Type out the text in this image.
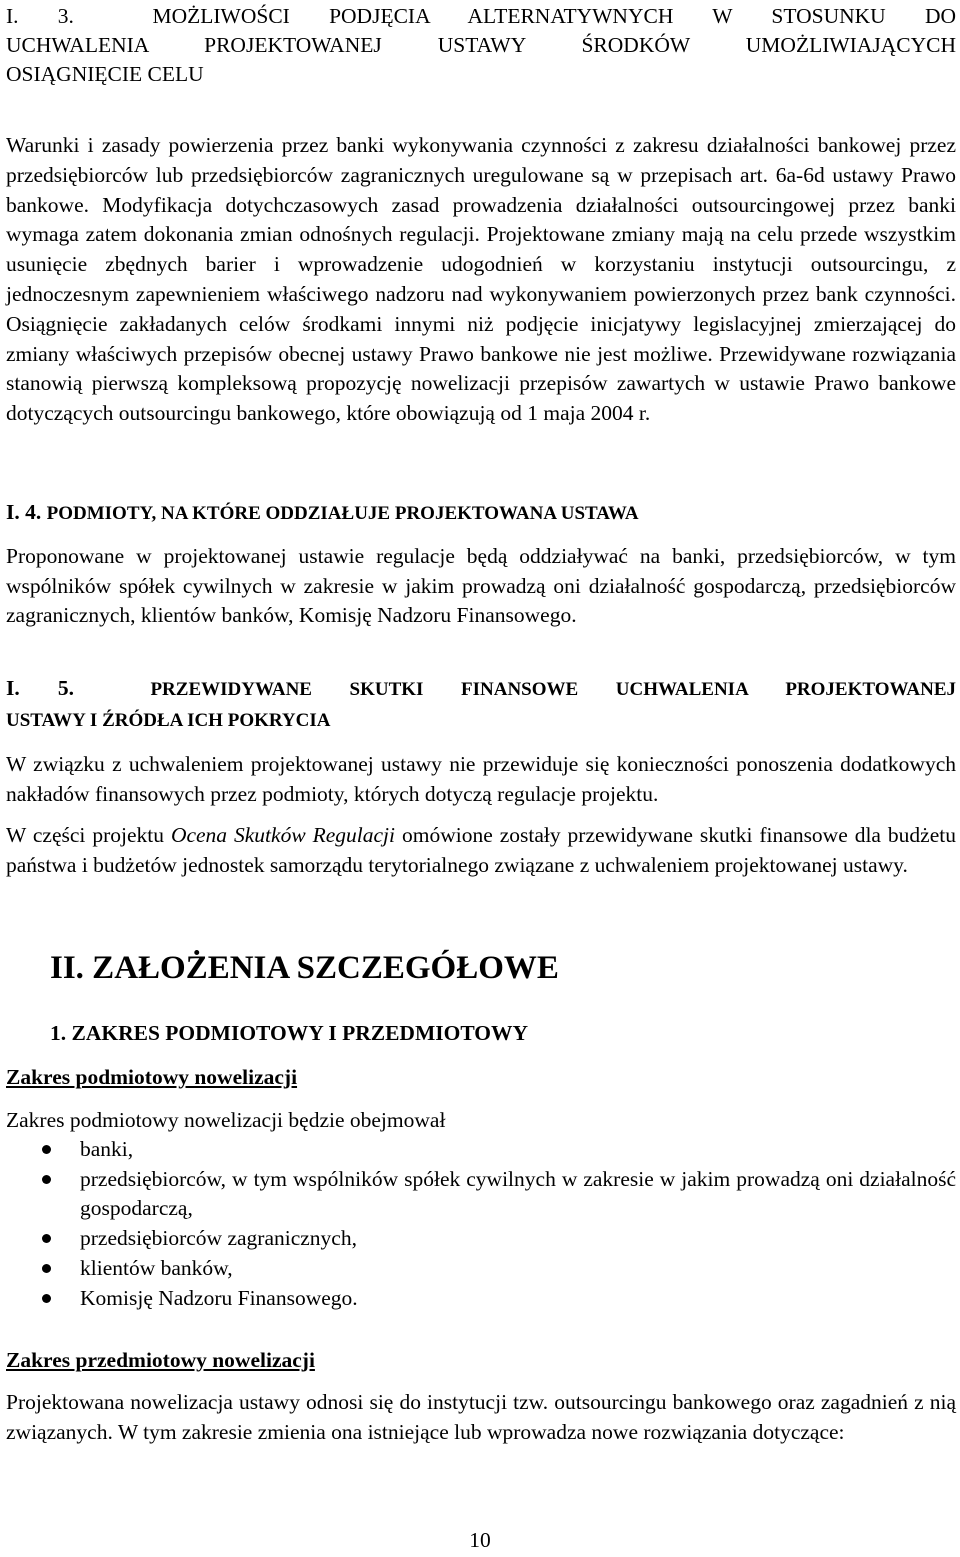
I. 3.	MOŻLIWOŚCI PODJĘCIA ALTERNATYWNYCH W STOSUNKU DO
UCHWALENIA PROJEKTOWANEJ USTAWY ŚRODKÓW UMOŻLIWIAJĄCYCH
OSIĄGNIĘCIE CELU
Warunki i zasady powierzenia przez banki wykonywania czynności z zakresu działalności bankowej przez przedsiębiorców lub przedsiębiorców zagranicznych uregulowane są w przepisach art. 6a-6d ustawy Prawo bankowe. Modyfikacja dotychczasowych zasad prowadzenia działalności outsourcingowej przez banki wymaga zatem dokonania zmian odnośnych regulacji. Projektowane zmiany mają na celu przede wszystkim usunięcie zbędnych barier i wprowadzenie udogodnień w korzystaniu instytucji outsourcingu, z jednoczesnym zapewnieniem właściwego nadzoru nad wykonywaniem powierzonych przez bank czynności. Osiągnięcie zakładanych celów środkami innymi niż podjęcie inicjatywy legislacyjnej zmierzającej do zmiany właściwych przepisów obecnej ustawy Prawo bankowe nie jest możliwe. Przewidywane rozwiązania stanowią pierwszą kompleksową propozycję nowelizacji przepisów zawartych w ustawie Prawo bankowe dotyczących outsourcingu bankowego, które obowiązują od 1 maja 2004 r.
I. 4. PODMIOTY, NA KTÓRE ODDZIAŁUJE PROJEKTOWANA USTAWA
Proponowane w projektowanej ustawie regulacje będą oddziaływać na banki, przedsiębiorców, w tym wspólników spółek cywilnych w zakresie w jakim prowadzą oni działalność gospodarczą, przedsiębiorców zagranicznych, klientów banków, Komisję Nadzoru Finansowego.
I. 5.	PRZEWIDYWANE SKUTKI FINANSOWE UCHWALENIA PROJEKTOWANEJ
USTAWY I ŹRÓDŁA ICH POKRYCIA
W związku z uchwaleniem projektowanej ustawy nie przewiduje się konieczności ponoszenia dodatkowych nakładów finansowych przez podmioty, których dotyczą regulacje projektu.
W części projektu Ocena Skutków Regulacji omówione zostały przewidywane skutki finansowe dla budżetu państwa i budżetów jednostek samorządu terytorialnego związane z uchwaleniem projektowanej ustawy.
II. ZAŁOŻENIA SZCZEGÓŁOWE
1. ZAKRES PODMIOTOWY I PRZEDMIOTOWY
Zakres podmiotowy nowelizacji
Zakres podmiotowy nowelizacji będzie obejmował
banki,
przedsiębiorców, w tym wspólników spółek cywilnych w zakresie w jakim prowadzą oni działalność gospodarczą,
przedsiębiorców zagranicznych,
klientów banków,
Komisję Nadzoru Finansowego.
Zakres przedmiotowy nowelizacji
Projektowana nowelizacja ustawy odnosi się do instytucji tzw. outsourcingu bankowego oraz zagadnień z nią związanych. W tym zakresie zmienia ona istniejące lub wprowadza nowe rozwiązania dotyczące:
10
